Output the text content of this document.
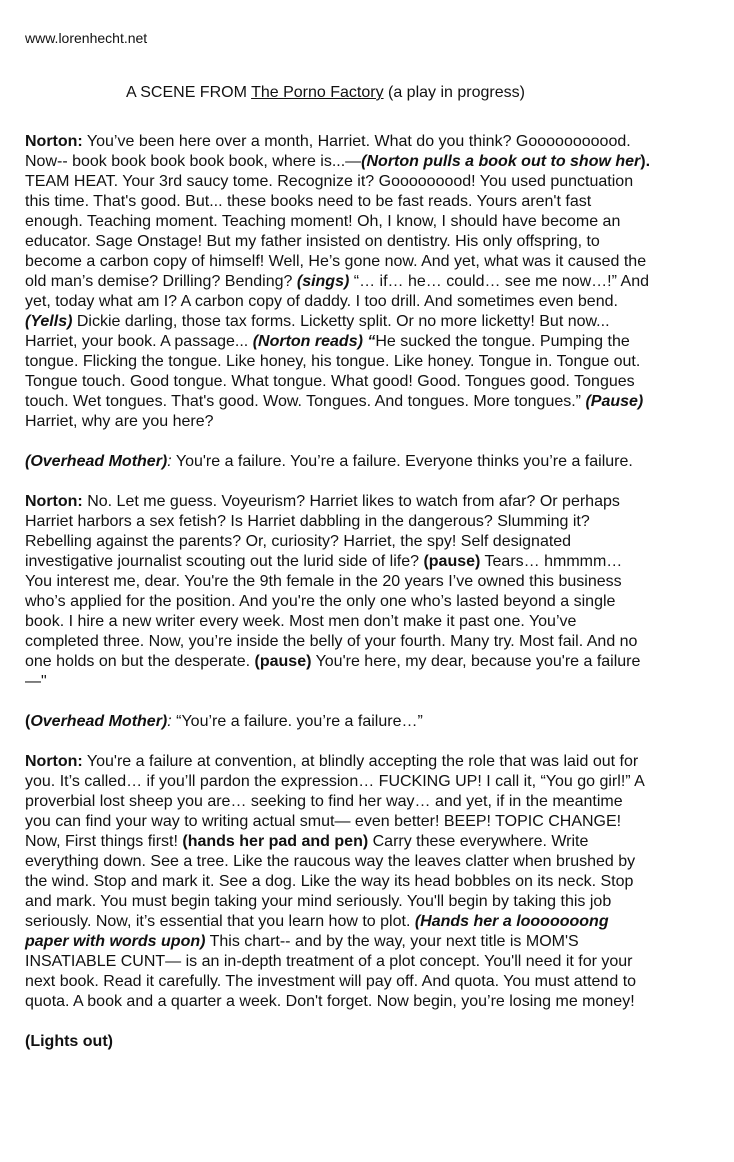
www.lorenhecht.net
A SCENE FROM The Porno Factory (a play in progress)

Norton: You’ve been here over a month, Harriet. What do you think? Gooooooooood.
Now-- book book book book book, where is...—(Norton pulls a book out to show her).
TEAM HEAT. Your 3rd saucy tome. Recognize it? Gooooooood! You used punctuation
this time. That's good. But... these books need to be fast reads. Yours aren't fast
enough. Teaching moment. Teaching moment! Oh, I know, I should have become an
educator. Sage Onstage! But my father insisted on dentistry. His only offspring, to
become a carbon copy of himself! Well, He’s gone now. And yet, what was it caused the
old man’s demise? Drilling? Bending? (sings) “… if… he… could… see me now…!” And
yet, today what am I? A carbon copy of daddy. I too drill. And sometimes even bend.
(Yells) Dickie darling, those tax forms. Licketty split. Or no more licketty! But now...
Harriet, your book. A passage... (Norton reads) “He sucked the tongue. Pumping the
tongue. Flicking the tongue. Like honey, his tongue. Like honey. Tongue in. Tongue out.
Tongue touch. Good tongue. What tongue. What good! Good. Tongues good. Tongues
touch. Wet tongues. That's good. Wow. Tongues. And tongues. More tongues.” (Pause)
Harriet, why are you here?

(Overhead Mother): You're a failure. You’re a failure. Everyone thinks you’re a failure.

Norton: No. Let me guess. Voyeurism? Harriet likes to watch from afar? Or perhaps
Harriet harbors a sex fetish? Is Harriet dabbling in the dangerous? Slumming it?
Rebelling against the parents? Or, curiosity? Harriet, the spy! Self designated
investigative journalist scouting out the lurid side of life? (pause) Tears… hmmmm…
You interest me, dear. You're the 9th female in the 20 years I’ve owned this business
who’s applied for the position. And you're the only one who’s lasted beyond a single
book. I hire a new writer every week. Most men don’t make it past one. You’ve
completed three. Now, you’re inside the belly of your fourth. Many try. Most fail. And no
one holds on but the desperate. (pause) You're here, my dear, because you're a failure
—"

(Overhead Mother): “You’re a failure. you’re a failure…”

Norton: You're a failure at convention, at blindly accepting the role that was laid out for
you. It’s called… if you’ll pardon the expression… FUCKING UP! I call it, “You go girl!” A
proverbial lost sheep you are… seeking to find her way… and yet, if in the meantime
you can find your way to writing actual smut— even better! BEEP! TOPIC CHANGE!
Now, First things first! (hands her pad and pen) Carry these everywhere. Write
everything down. See a tree. Like the raucous way the leaves clatter when brushed by
the wind. Stop and mark it. See a dog. Like the way its head bobbles on its neck. Stop
and mark. You must begin taking your mind seriously. You'll begin by taking this job
seriously. Now, it’s essential that you learn how to plot. (Hands her a looooooong
paper with words upon) This chart-- and by the way, your next title is MOM'S
INSATIABLE CUNT— is an in-depth treatment of a plot concept. You'll need it for your
next book. Read it carefully. The investment will pay off. And quota. You must attend to
quota. A book and a quarter a week. Don't forget. Now begin, you’re losing me money!

(Lights out)
